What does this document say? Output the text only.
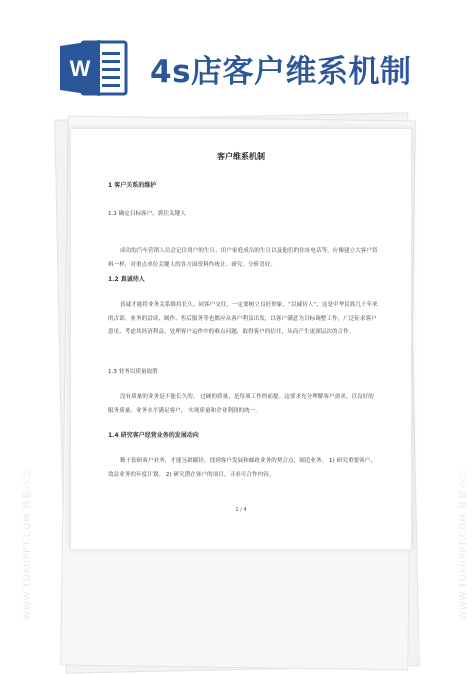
W 4s店客户维系机制
WWW.TUKUPPT.COM 熊猫办公	WWW.TUKUPPT.COM 熊猫办公
客户维系机制
1 客户关系的维护
1.1 确定目标客户、抓住关键人
成功的汽车营销人员会记住用户的生日、用户家庭成员的生日以及他们的住址电话等。应像建立大客户资料一样，对重点单位关键人的各方面资料作统计、研究、分析喜好。
1.2 真诚待人
真诚才能将业务关系维持长久。同客户交往，一定要树立良好形象，“以诚待人”，这是中华民族几千年来的古训。业务的洽谈、制作、售后服务等也都应从客户利益出发，以客户满意为目标调整工作，广泛征求客户意见，考虑其经济利益，处理客户运作中的难点问题，取得客户的信任，从而产生更深层次的合作。
1.3 业务以质量取胜
没有质量的业务是不能长久的。 过硬的质量，是每项工作的前提。这要求充分理解客户需求，以良好的服务质量、业务水平满足客户， 实现质量和企业利润的统一。
1.4 研究客户经营业务的发展动向
勤于钻研客户业务，才能另辟蹊径，找到客户发展和邮政业务的契合点，制造业务。 1) 研究重要客户、 效益业务的年度计划。 2) 研究潜在客户的项目，寻求可合作内容。
1 / 4
